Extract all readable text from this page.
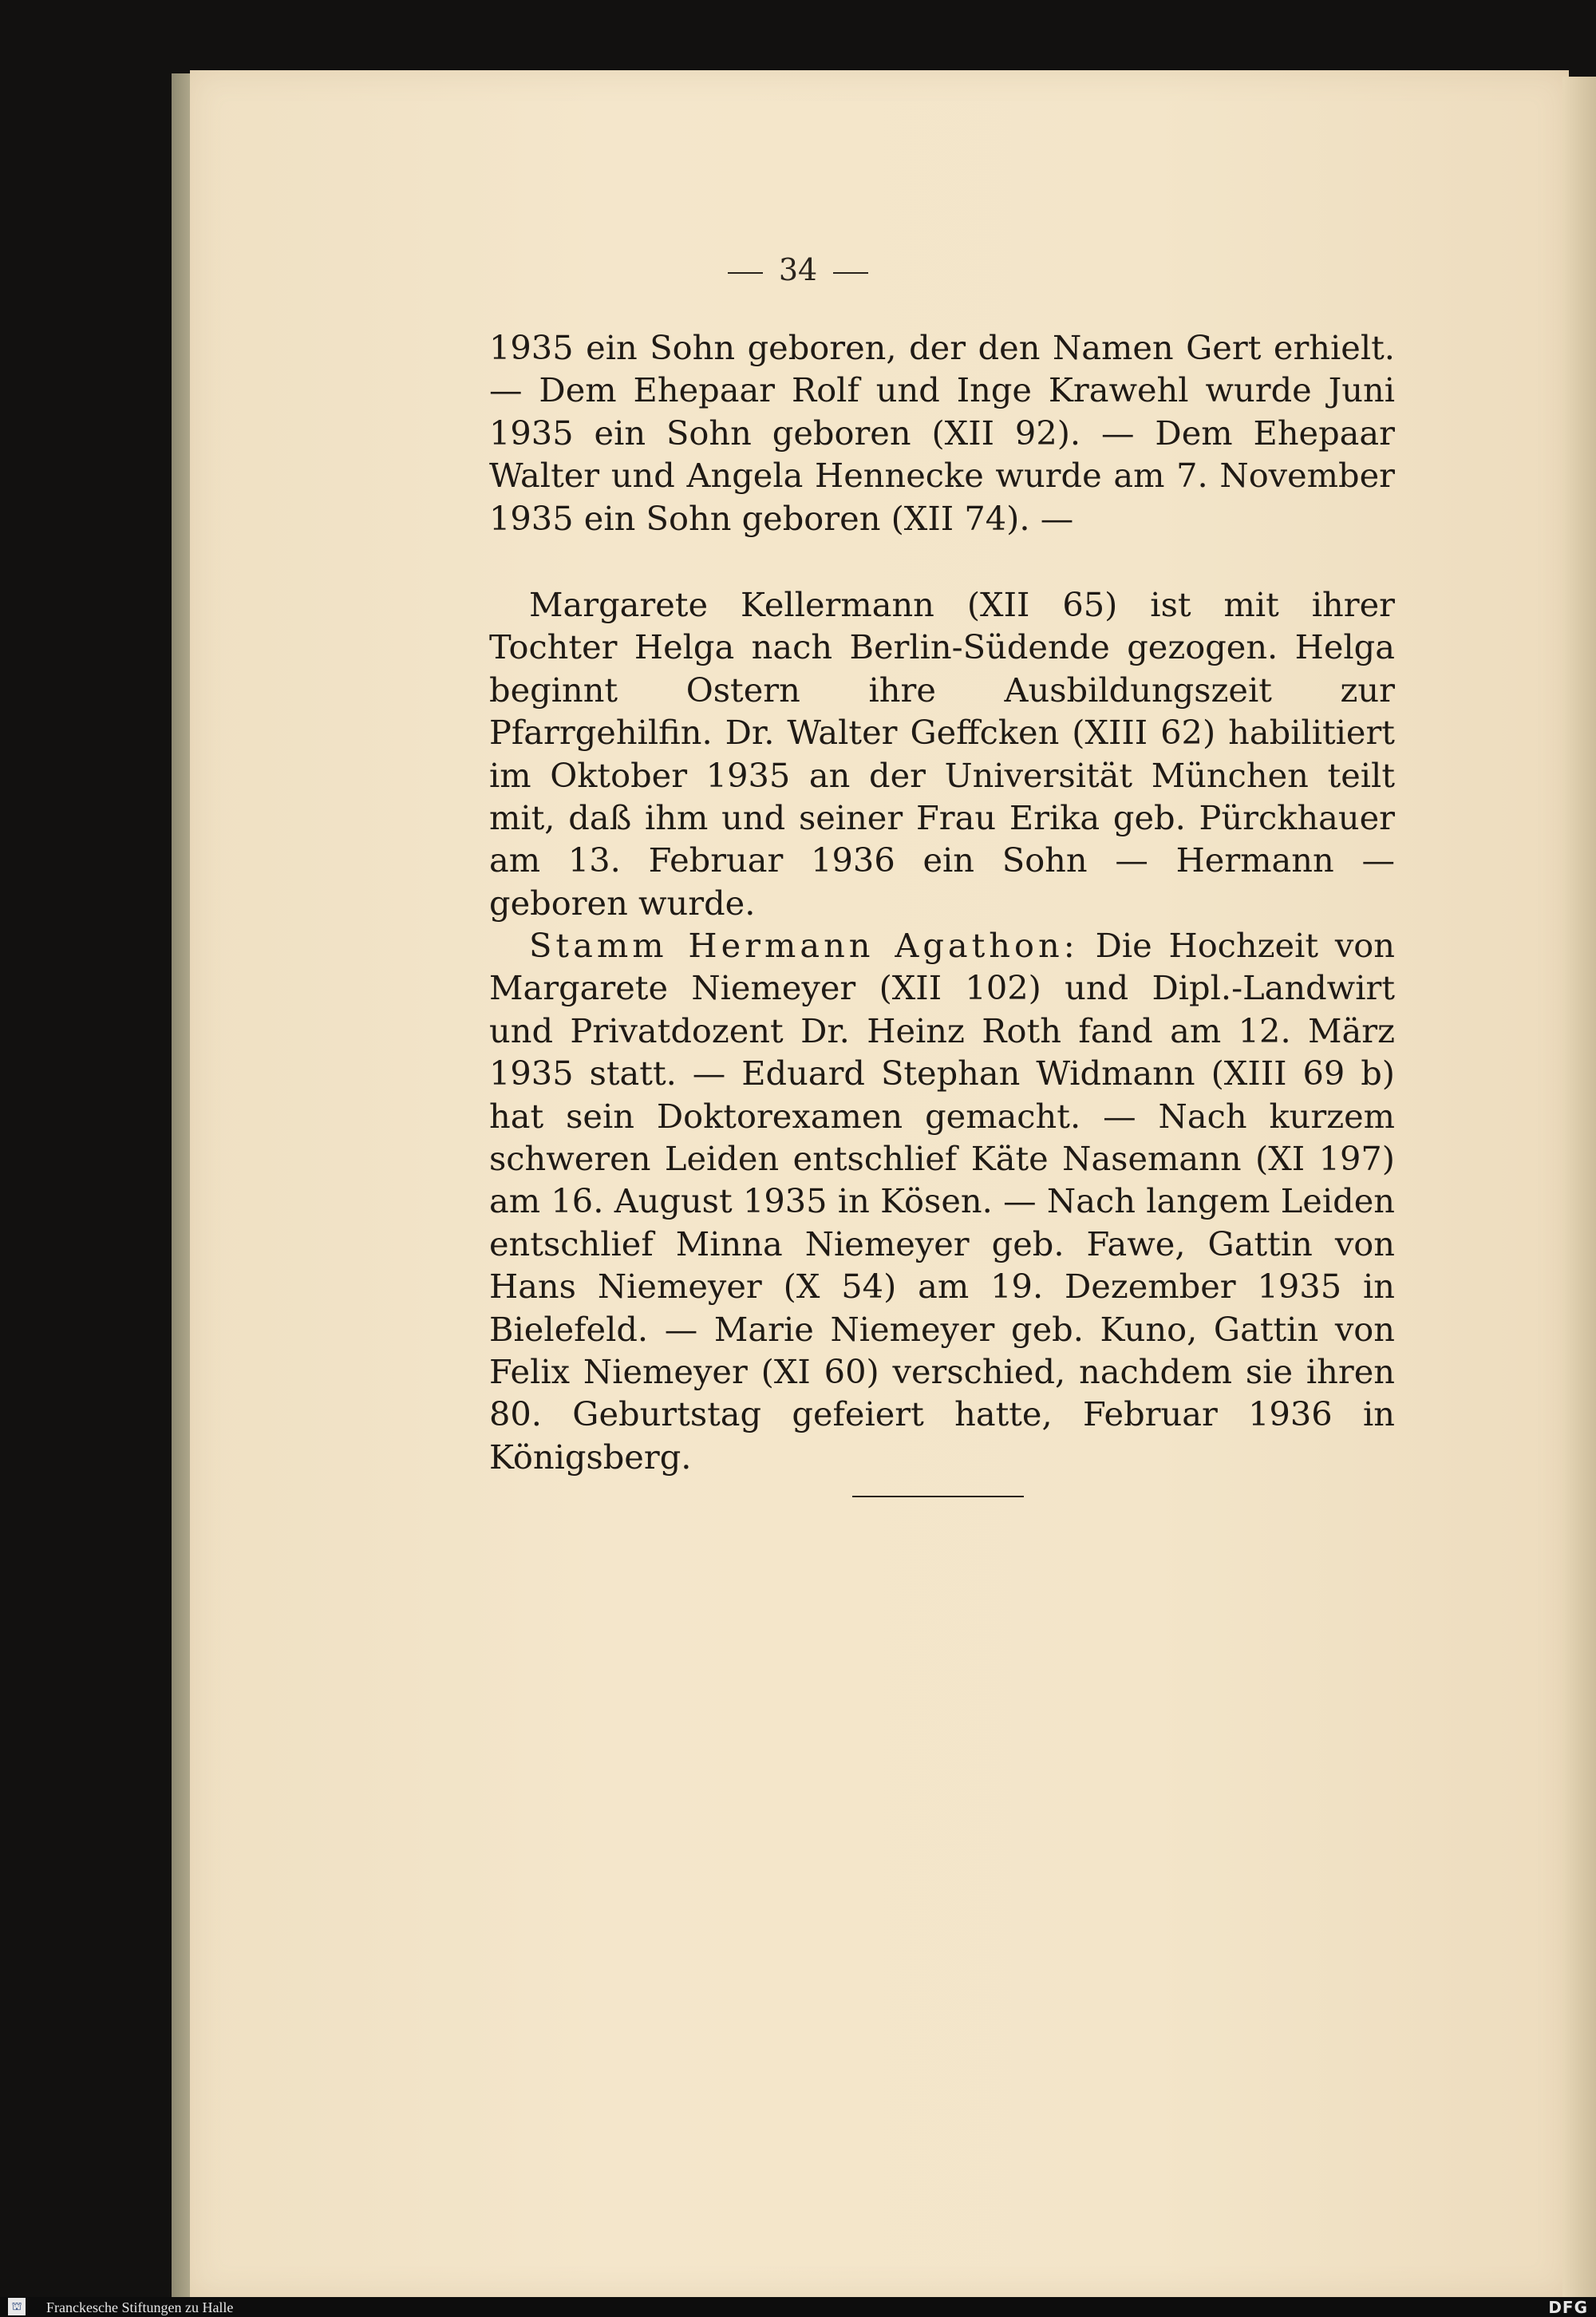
34

1935 ein Sohn geboren, der den Namen Gert erhielt. — Dem Ehepaar Rolf und Inge Krawehl wurde Juni 1935 ein Sohn geboren (XII 92). — Dem Ehepaar Walter und Angela Hennecke wurde am 7. November 1935 ein Sohn geboren (XII 74). —

Margarete Kellermann (XII 65) ist mit ihrer Tochter Helga nach Berlin-Südende gezogen. Helga beginnt Ostern ihre Ausbildungszeit zur Pfarrgehilfin. Dr. Walter Geffcken (XIII 62) habilitiert im Oktober 1935 an der Universität München teilt mit, daß ihm und seiner Frau Erika geb. Pürckhauer am 13. Februar 1936 ein Sohn — Hermann — geboren wurde.

Stamm Hermann Agathon: Die Hochzeit von Margarete Niemeyer (XII 102) und Dipl.-Landwirt und Privatdozent Dr. Heinz Roth fand am 12. März 1935 statt. — Eduard Stephan Widmann (XIII 69 b) hat sein Doktorexamen gemacht. — Nach kurzem schweren Leiden entschlief Käte Nasemann (XI 197) am 16. August 1935 in Kösen. — Nach langem Leiden entschlief Minna Niemeyer geb. Fawe, Gattin von Hans Niemeyer (X 54) am 19. Dezember 1935 in Bielefeld. — Marie Niemeyer geb. Kuno, Gattin von Felix Niemeyer (XI 60) verschied, nachdem sie ihren 80. Geburtstag gefeiert hatte, Februar 1936 in Königsberg.

⛫ Franckesche Stiftungen zu Halle	DFG
